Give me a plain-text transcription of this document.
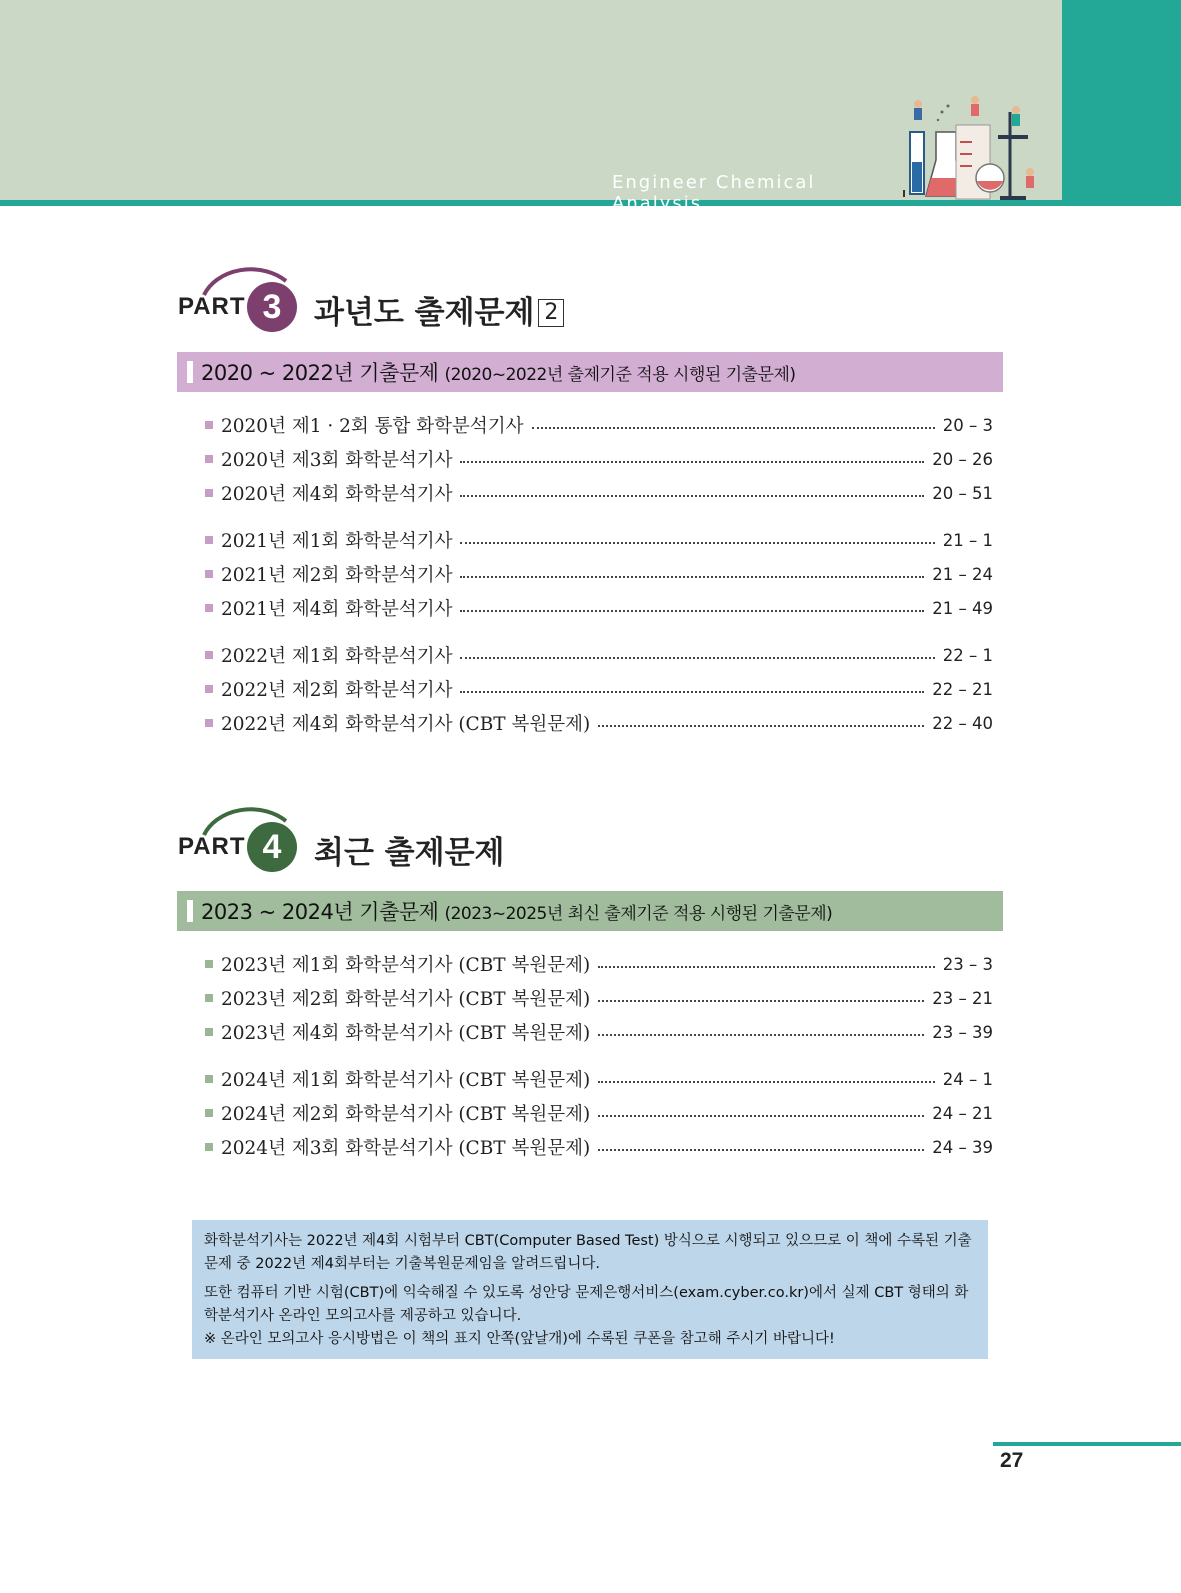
Engineer Chemical Analysis
PART 3	과년도 출제문제 2
2020 ~ 2022년 기출문제 (2020~2022년 출제기준 적용 시행된 기출문제)
2020년 제1 · 2회 통합 화학분석기사	20 – 3
2020년 제3회 화학분석기사	20 – 26
2020년 제4회 화학분석기사	20 – 51
2021년 제1회 화학분석기사	21 – 1
2021년 제2회 화학분석기사	21 – 24
2021년 제4회 화학분석기사	21 – 49
2022년 제1회 화학분석기사	22 – 1
2022년 제2회 화학분석기사	22 – 21
2022년 제4회 화학분석기사 (CBT 복원문제)	22 – 40
PART 4	최근 출제문제
2023 ~ 2024년 기출문제 (2023~2025년 최신 출제기준 적용 시행된 기출문제)
2023년 제1회 화학분석기사 (CBT 복원문제)	23 – 3
2023년 제2회 화학분석기사 (CBT 복원문제)	23 – 21
2023년 제4회 화학분석기사 (CBT 복원문제)	23 – 39
2024년 제1회 화학분석기사 (CBT 복원문제)	24 – 1
2024년 제2회 화학분석기사 (CBT 복원문제)	24 – 21
2024년 제3회 화학분석기사 (CBT 복원문제)	24 – 39

화학분석기사는 2022년 제4회 시험부터 CBT(Computer Based Test) 방식으로 시행되고 있으므로 이 책에 수록된 기출문제 중 2022년 제4회부터는 기출복원문제임을 알려드립니다.

또한 컴퓨터 기반 시험(CBT)에 익숙해질 수 있도록 성안당 문제은행서비스(exam.cyber.co.kr)에서 실제 CBT 형태의 화학분석기사 온라인 모의고사를 제공하고 있습니다.

※ 온라인 모의고사 응시방법은 이 책의 표지 안쪽(앞날개)에 수록된 쿠폰을 참고해 주시기 바랍니다!

27
